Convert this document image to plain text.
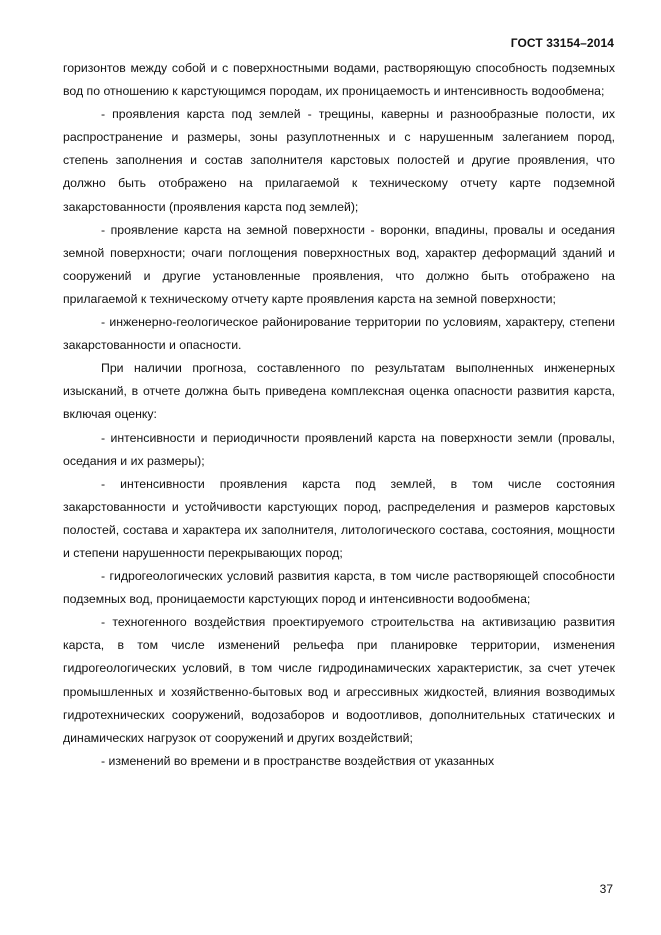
ГОСТ 33154–2014

горизонтов между собой и с поверхностными водами, растворяющую способность подземных вод по отношению к карстующимся породам, их проницаемость и интенсивность водообмена;

- проявления карста под землей - трещины, каверны и разнообразные полости, их распространение и размеры, зоны разуплотненных и с нарушенным залеганием пород, степень заполнения и состав заполнителя карстовых полостей и другие проявления, что должно быть отображено на прилагаемой к техническому отчету карте подземной закарстованности (проявления карста под землей);

- проявление карста на земной поверхности - воронки, впадины, провалы и оседания земной поверхности; очаги поглощения поверхностных вод, характер деформаций зданий и сооружений и другие установленные проявления, что должно быть отображено на прилагаемой к техническому отчету карте проявления карста на земной поверхности;

- инженерно-геологическое районирование территории по условиям, характеру, степени закарстованности и опасности.

При наличии прогноза, составленного по результатам выполненных инженерных изысканий, в отчете должна быть приведена комплексная оценка опасности развития карста, включая оценку:

- интенсивности и периодичности проявлений карста на поверхности земли (провалы, оседания и их размеры);

- интенсивности проявления карста под землей, в том числе состояния закарстованности и устойчивости карстующих пород, распределения и размеров карстовых полостей, состава и характера их заполнителя, литологического состава, состояния, мощности и степени нарушенности перекрывающих пород;

- гидрогеологических условий развития карста, в том числе растворяющей способности подземных вод, проницаемости карстующих пород и интенсивности водообмена;

- техногенного воздействия проектируемого строительства на активизацию развития карста, в том числе изменений рельефа при планировке территории, изменения гидрогеологических условий, в том числе гидродинамических характеристик, за счет утечек промышленных и хозяйственно-бытовых вод и агрессивных жидкостей, влияния возводимых гидротехнических сооружений, водозаборов и водоотливов, дополнительных статических и динамических нагрузок от сооружений и других воздействий;

- изменений во времени и в пространстве воздействия от указанных

37
